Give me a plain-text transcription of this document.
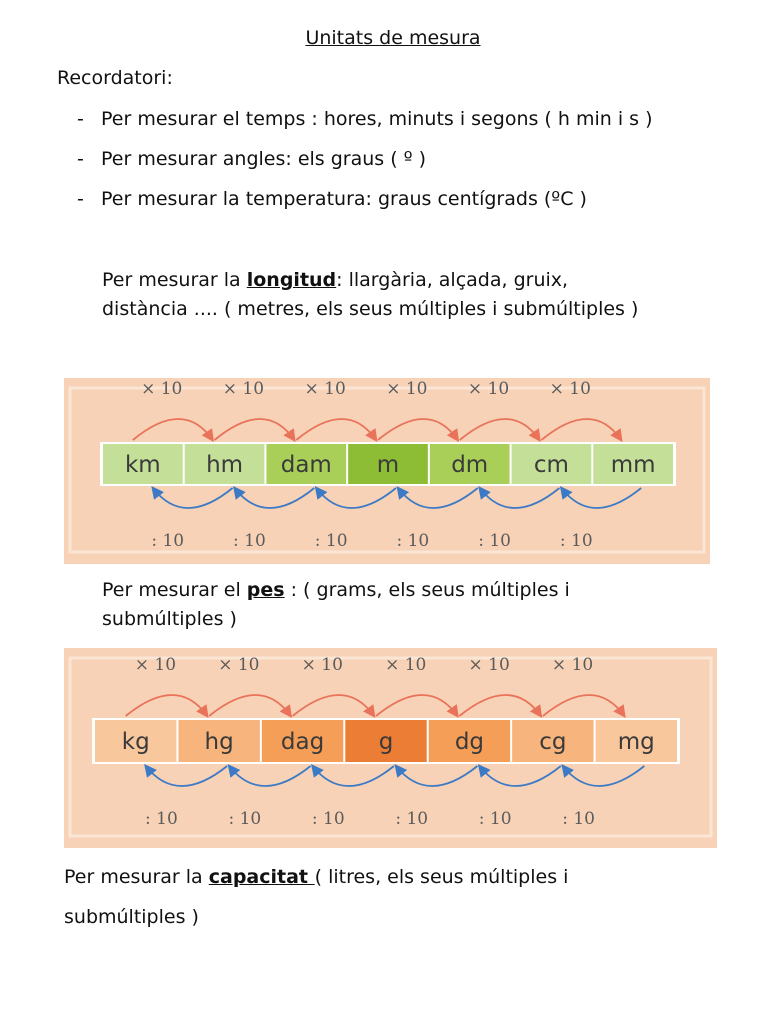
Unitats de mesura
Recordatori:
- Per mesurar el temps : hores, minuts i segons ( h min i s )
- Per mesurar angles: els graus ( º )
- Per mesurar la temperatura: graus centígrads (ºC )
Per mesurar la longitud: llargària, alçada, gruix,
distància .... ( metres, els seus múltiples i submúltiples )
km hm dam m dm cm mm
× 10
: 10
× 10
: 10
× 10
: 10
× 10
: 10
× 10
: 10
× 10
: 10
Per mesurar el pes : ( grams, els seus múltiples i
submúltiples )
kg hg dag g	dg cg mg
× 10
: 10
× 10
: 10
× 10
: 10
× 10
: 10
× 10
: 10
× 10
: 10
Per mesurar la capacitat ( litres, els seus múltiples i
submúltiples )
